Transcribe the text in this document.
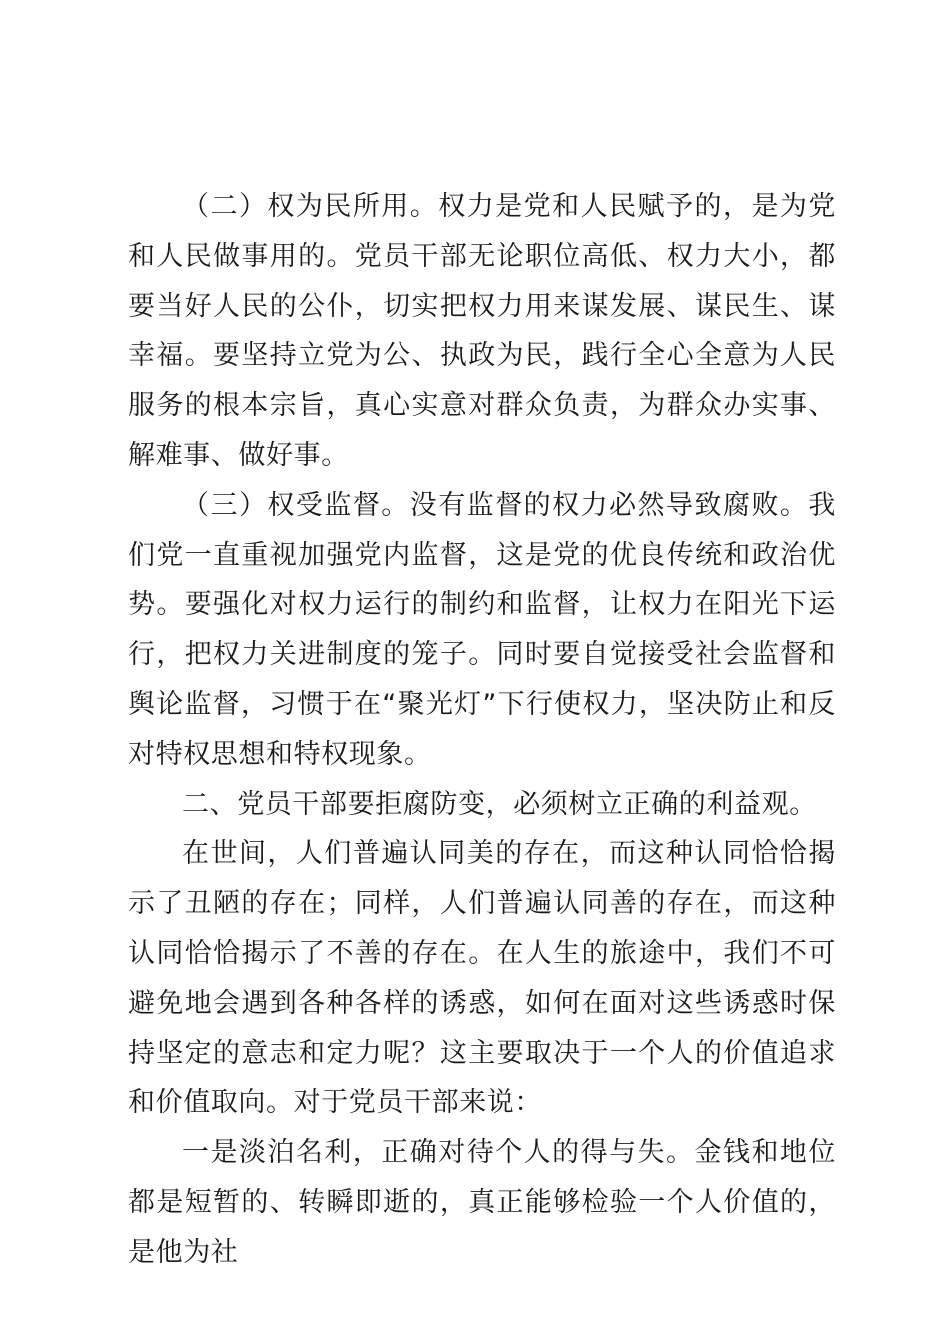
（二）权为民所用。权力是党和人民赋予的，是为党和人民做事用的。党员干部无论职位高低、权力大小，都要当好人民的公仆，切实把权力用来谋发展、谋民生、谋幸福。要坚持立党为公、执政为民，践行全心全意为人民服务的根本宗旨，真心实意对群众负责，为群众办实事、解难事、做好事。

（三）权受监督。没有监督的权力必然导致腐败。我们党一直重视加强党内监督，这是党的优良传统和政治优势。要强化对权力运行的制约和监督，让权力在阳光下运行，把权力关进制度的笼子。同时要自觉接受社会监督和舆论监督，习惯于在“聚光灯”下行使权力，坚决防止和反对特权思想和特权现象。

二、党员干部要拒腐防变，必须树立正确的利益观。

在世间，人们普遍认同美的存在，而这种认同恰恰揭示了丑陋的存在；同样，人们普遍认同善的存在，而这种认同恰恰揭示了不善的存在。在人生的旅途中，我们不可避免地会遇到各种各样的诱惑，如何在面对这些诱惑时保持坚定的意志和定力呢？这主要取决于一个人的价值追求和价值取向。对于党员干部来说：

一是淡泊名利，正确对待个人的得与失。金钱和地位都是短暂的、转瞬即逝的，真正能够检验一个人价值的，是他为社
